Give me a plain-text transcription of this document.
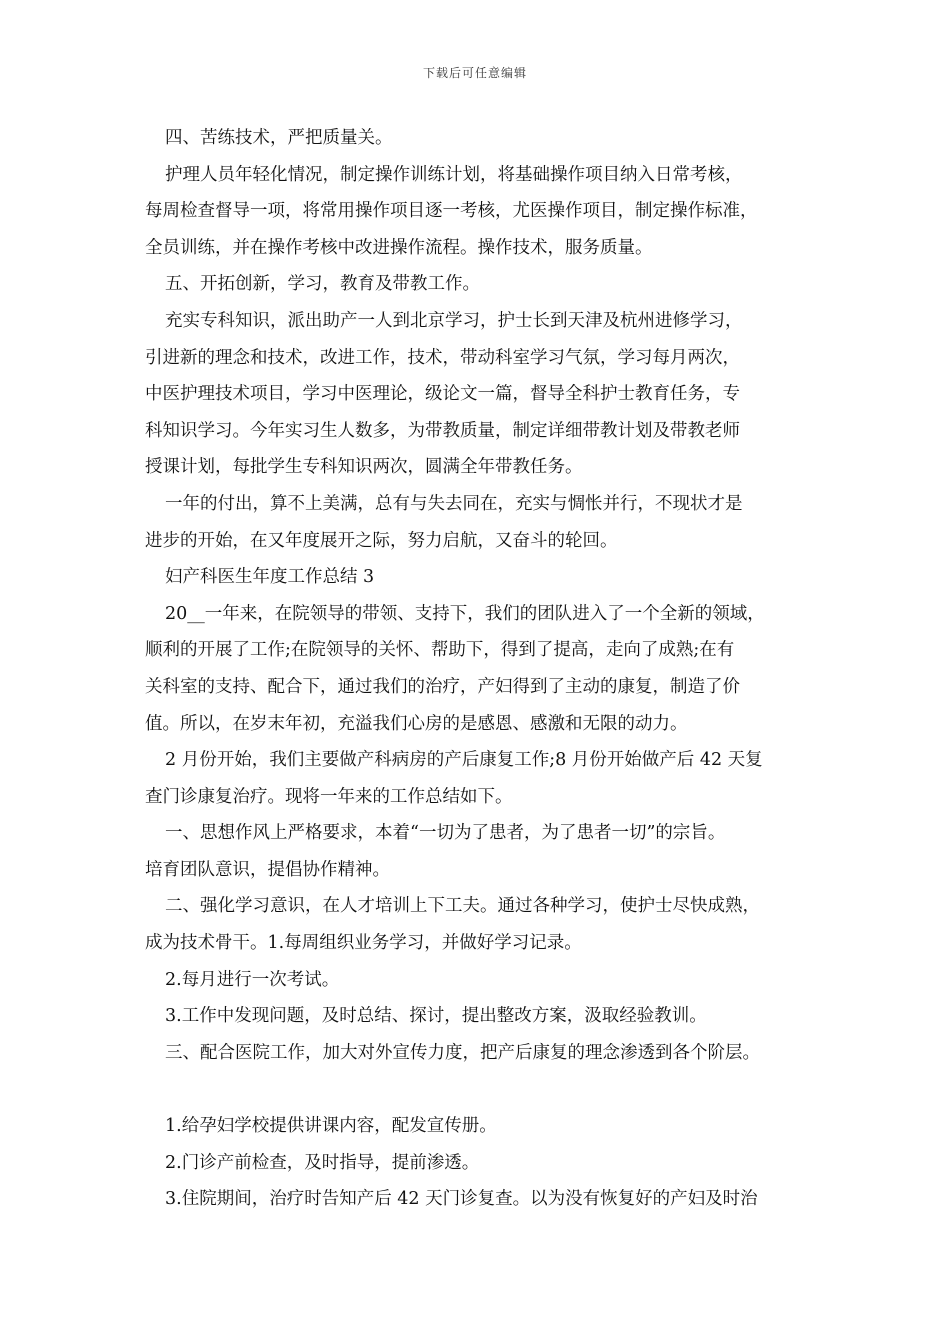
下载后可任意编辑
四、苦练技术，严把质量关。
护理人员年轻化情况，制定操作训练计划，将基础操作项目纳入日常考核，
每周检查督导一项，将常用操作项目逐一考核，尤医操作项目，制定操作标准，
全员训练，并在操作考核中改进操作流程。操作技术，服务质量。
五、开拓创新，学习，教育及带教工作。
充实专科知识，派出助产一人到北京学习，护士长到天津及杭州进修学习，
引进新的理念和技术，改进工作，技术，带动科室学习气氛，学习每月两次，
中医护理技术项目，学习中医理论，级论文一篇，督导全科护士教育任务，专
科知识学习。今年实习生人数多，为带教质量，制定详细带教计划及带教老师
授课计划，每批学生专科知识两次，圆满全年带教任务。
一年的付出，算不上美满，总有与失去同在，充实与惆怅并行，不现状才是
进步的开始，在又年度展开之际，努力启航，又奋斗的轮回。
妇产科医生年度工作总结 3
20__一年来，在院领导的带领、支持下，我们的团队进入了一个全新的领域，
顺利的开展了工作;在院领导的关怀、帮助下，得到了提高，走向了成熟;在有
关科室的支持、配合下，通过我们的治疗，产妇得到了主动的康复，制造了价
值。所以，在岁末年初，充溢我们心房的是感恩、感激和无限的动力。
2 月份开始，我们主要做产科病房的产后康复工作;8 月份开始做产后 42 天复
查门诊康复治疗。现将一年来的工作总结如下。
一、思想作风上严格要求，本着“一切为了患者，为了患者一切”的宗旨。
培育团队意识，提倡协作精神。
二、强化学习意识，在人才培训上下工夫。通过各种学习，使护士尽快成熟，
成为技术骨干。1.每周组织业务学习，并做好学习记录。
2.每月进行一次考试。
3.工作中发现问题，及时总结、探讨，提出整改方案，汲取经验教训。
三、配合医院工作，加大对外宣传力度，把产后康复的理念渗透到各个阶层。
1.给孕妇学校提供讲课内容，配发宣传册。
2.门诊产前检查，及时指导，提前渗透。
3.住院期间，治疗时告知产后 42 天门诊复查。以为没有恢复好的产妇及时治
